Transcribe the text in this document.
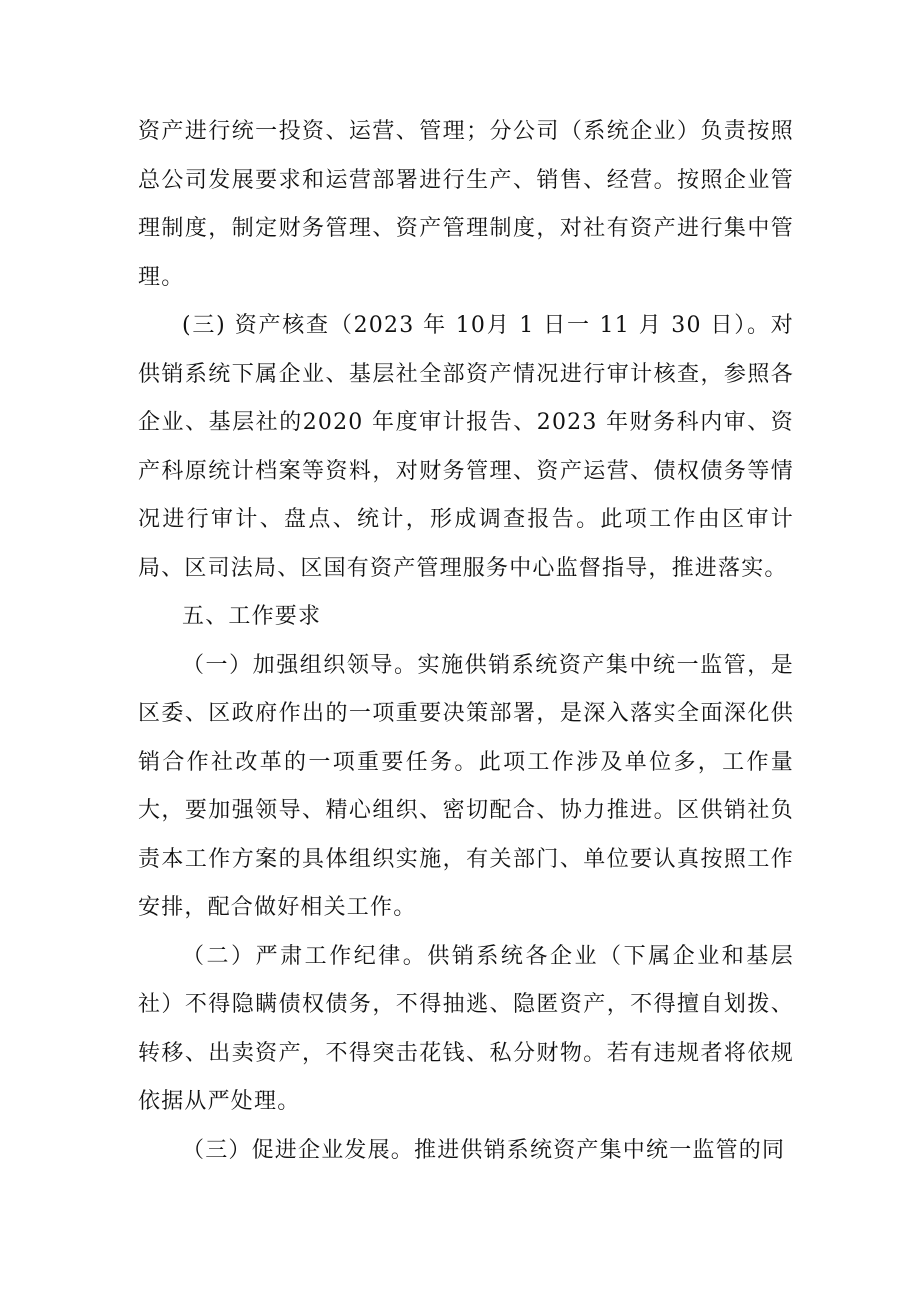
资产进行统一投资、运营、管理；分公司（系统企业）负责按照总公司发展要求和运营部署进行生产、销售、经营。按照企业管理制度，制定财务管理、资产管理制度，对社有资产进行集中管理。

(三) 资产核查（2023 年 10月 1 日一 11 月 30 日）。对供销系统下属企业、基层社全部资产情况进行审计核查，参照各企业、基层社的2020 年度审计报告、2023 年财务科内审、资产科原统计档案等资料，对财务管理、资产运营、债权债务等情况进行审计、盘点、统计，形成调查报告。此项工作由区审计局、区司法局、区国有资产管理服务中心监督指导，推进落实。

五、工作要求

（一）加强组织领导。实施供销系统资产集中统一监管，是区委、区政府作出的一项重要决策部署，是深入落实全面深化供销合作社改革的一项重要任务。此项工作涉及单位多，工作量大，要加强领导、精心组织、密切配合、协力推进。区供销社负责本工作方案的具体组织实施，有关部门、单位要认真按照工作安排，配合做好相关工作。

（二）严肃工作纪律。供销系统各企业（下属企业和基层社）不得隐瞒债权债务，不得抽逃、隐匿资产，不得擅自划拨、转移、出卖资产，不得突击花钱、私分财物。若有违规者将依规依据从严处理。

（三）促进企业发展。推进供销系统资产集中统一监管的同
